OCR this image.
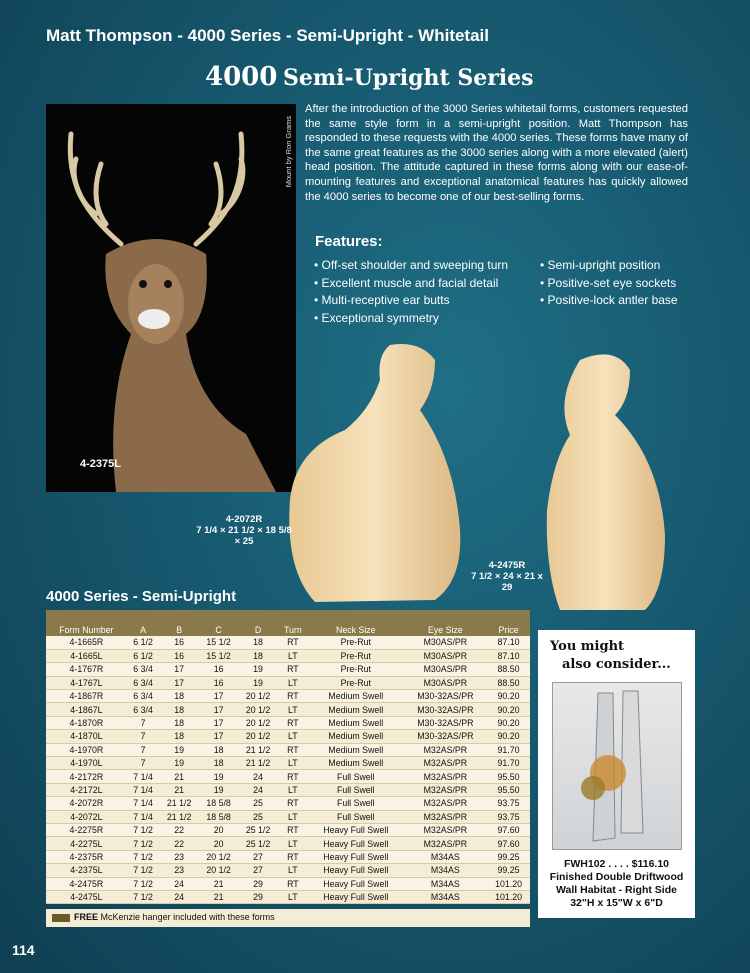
Matt Thompson - 4000 Series - Semi-Upright - Whitetail
4000 Semi-Upright Series
Mount by Ron Grams
4-2375L

After the introduction of the 3000 Series whitetail forms, customers requested the same style form in a semi-upright position. Matt Thompson has responded to these requests with the 4000 series. These forms have many of the same great features as the 3000 series along with a more elevated (alert) head position. The attitude captured in these forms along with our ease-of-mounting features and exceptional anatomical features has quickly allowed the 4000 series to become one of our best-selling forms.

Features:
• Off-set shoulder and sweeping turn
• Excellent muscle and facial detail
• Multi-receptive ear butts
• Exceptional symmetry
• Semi-upright position
• Positive-set eye sockets
• Positive-lock antler base
4-2072R
7 1/4 × 21 1/2 × 18 5/8 × 25
4-2475R
7 1/2 × 24 × 21 x 29
4000 Series - Semi-Upright
Form Number	A	B	C	D	Turn	Neck Size	Eye Size	Price
4-1665R	6 1/2	16	15 1/2	18	RT	Pre-Rut	M30AS/PR	87.10
4-1665L	6 1/2	16	15 1/2	18	LT	Pre-Rut	M30AS/PR	87.10
4-1767R	6 3/4	17	16	19	RT	Pre-Rut	M30AS/PR	88.50
4-1767L	6 3/4	17	16	19	LT	Pre-Rut	M30AS/PR	88.50
4-1867R	6 3/4	18	17	20 1/2	RT	Medium Swell	M30-32AS/PR	90.20
4-1867L	6 3/4	18	17	20 1/2	LT	Medium Swell	M30-32AS/PR	90.20
4-1870R	7	18	17	20 1/2	RT	Medium Swell	M30-32AS/PR	90.20
4-1870L	7	18	17	20 1/2	LT	Medium Swell	M30-32AS/PR	90.20
4-1970R	7	19	18	21 1/2	RT	Medium Swell	M32AS/PR	91.70
4-1970L	7	19	18	21 1/2	LT	Medium Swell	M32AS/PR	91.70
4-2172R	7 1/4	21	19	24	RT	Full Swell	M32AS/PR	95.50
4-2172L	7 1/4	21	19	24	LT	Full Swell	M32AS/PR	95.50
4-2072R	7 1/4	21 1/2	18 5/8	25	RT	Full Swell	M32AS/PR	93.75
4-2072L	7 1/4	21 1/2	18 5/8	25	LT	Full Swell	M32AS/PR	93.75
4-2275R	7 1/2	22	20	25 1/2	RT	Heavy Full Swell	M32AS/PR	97.60
4-2275L	7 1/2	22	20	25 1/2	LT	Heavy Full Swell	M32AS/PR	97.60
4-2375R	7 1/2	23	20 1/2	27	RT	Heavy Full Swell	M34AS	99.25
4-2375L	7 1/2	23	20 1/2	27	LT	Heavy Full Swell	M34AS	99.25
4-2475R	7 1/2	24	21	29	RT	Heavy Full Swell	M34AS	101.20
4-2475L	7 1/2	24	21	29	LT	Heavy Full Swell	M34AS	101.20
FREE McKenzie hanger included with these forms
You might
also consider...
FWH102 . . . . $116.10
Finished Double Driftwood
Wall Habitat - Right Side
32"H x 15"W x 6"D
114
